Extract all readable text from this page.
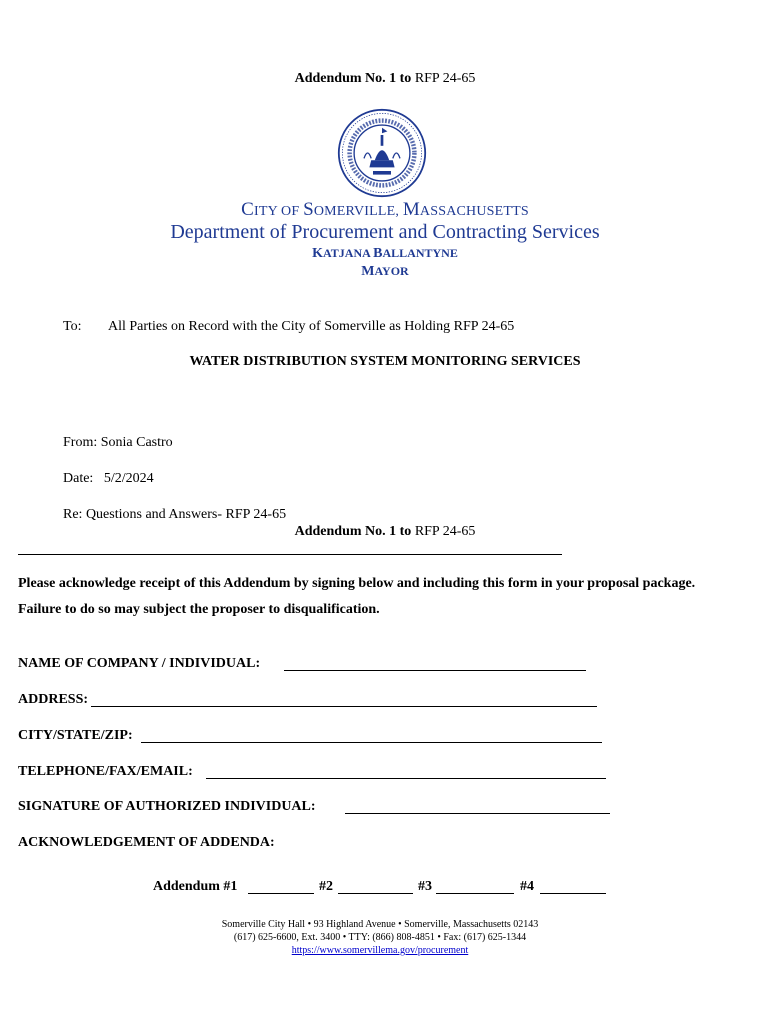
Addendum No. 1 to RFP 24-65
CITY OF SOMERVILLE, MASSACHUSETTS
Department of Procurement and Contracting Services
KATJANA BALLANTYNE
MAYOR
To: All Parties on Record with the City of Somerville as Holding RFP 24-65
WATER DISTRIBUTION SYSTEM MONITORING SERVICES
From: Sonia Castro
Date: 5/2/2024
Re: Questions and Answers- RFP 24-65
Addendum No. 1 to RFP 24-65
Please acknowledge receipt of this Addendum by signing below and including this form in your proposal package.
Failure to do so may subject the proposer to disqualification.
NAME OF COMPANY / INDIVIDUAL:
ADDRESS:
CITY/STATE/ZIP:
TELEPHONE/FAX/EMAIL:
SIGNATURE OF AUTHORIZED INDIVIDUAL:
ACKNOWLEDGEMENT OF ADDENDA:
Addendum #1	#2	#3	#4
Somerville City Hall • 93 Highland Avenue • Somerville, Massachusetts 02143
(617) 625-6600, Ext. 3400 • TTY: (866) 808-4851 • Fax: (617) 625-1344
https://www.somervillema.gov/procurement
